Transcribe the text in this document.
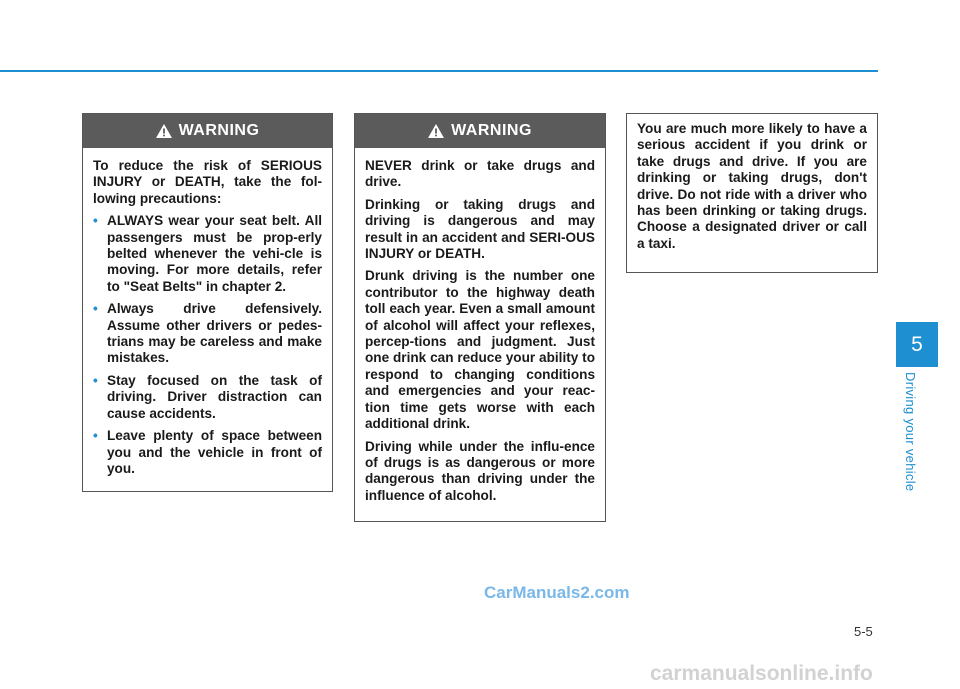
WARNING

To reduce the risk of SERIOUS INJURY or DEATH, take the fol-lowing precautions:

• ALWAYS wear your seat belt. All passengers must be prop-erly belted whenever the vehi-cle is moving. For more details, refer to "Seat Belts" in chapter 2.
• Always drive defensively. Assume other drivers or pedes-trians may be careless and make mistakes.
• Stay focused on the task of driving. Driver distraction can cause accidents.
• Leave plenty of space between you and the vehicle in front of you.
WARNING

NEVER drink or take drugs and drive.

Drinking or taking drugs and driving is dangerous and may result in an accident and SERI-OUS INJURY or DEATH.

Drunk driving is the number one contributor to the highway death toll each year. Even a small amount of alcohol will affect your reflexes, percep-tions and judgment. Just one drink can reduce your ability to respond to changing conditions and emergencies and your reac-tion time gets worse with each additional drink.

Driving while under the influ-ence of drugs is as dangerous or more dangerous than driving under the influence of alcohol.

You are much more likely to have a serious accident if you drink or take drugs and drive. If you are drinking or taking drugs, don't drive. Do not ride with a driver who has been drinking or taking drugs. Choose a designated driver or call a taxi.

5
Driving your vehicle
5-5
CarManuals2.com
carmanualsonline.info
